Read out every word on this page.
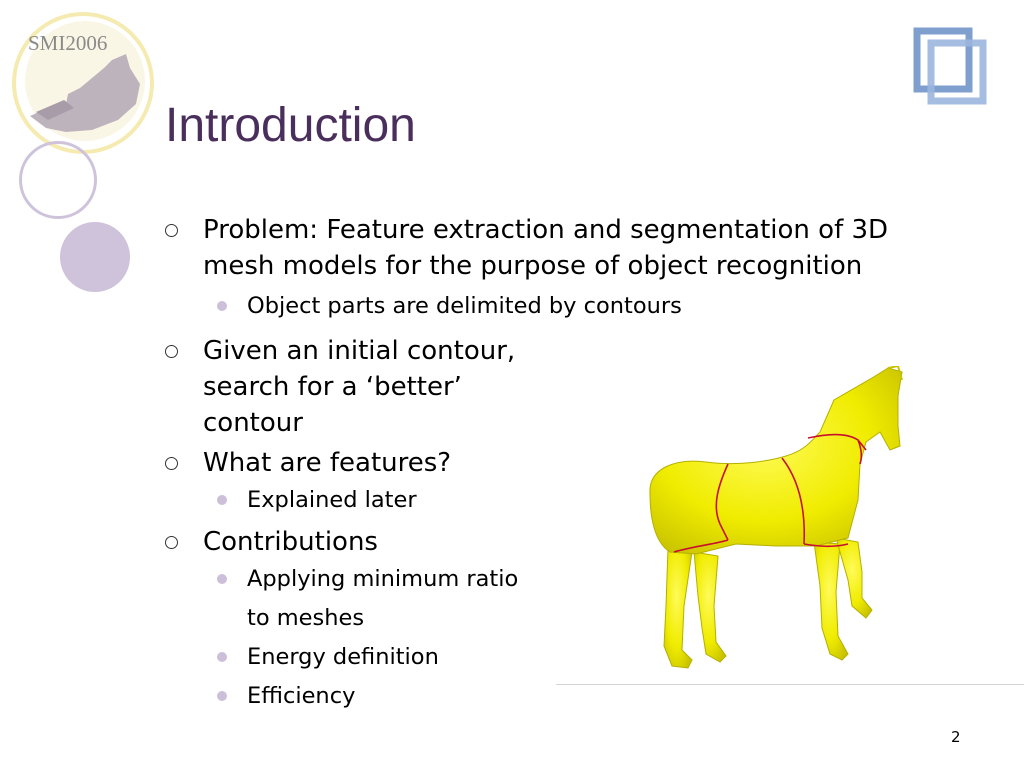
SMI2006
Introduction
Problem: Feature extraction and segmentation of 3D mesh models for the purpose of object recognition
Object parts are delimited by contours
Given an initial contour, search for a ‘better’ contour
What are features?
Explained later
Contributions
Applying minimum ratio
to meshes
Energy definition
Efficiency
2
